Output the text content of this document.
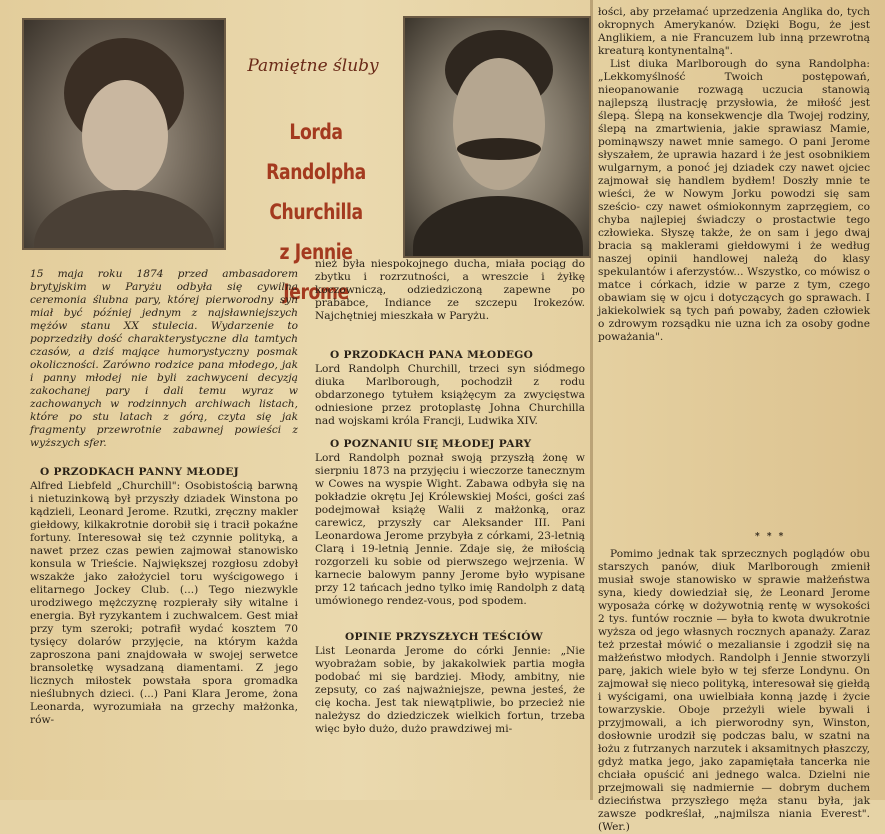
Pamiętne śluby
Lorda Randolpha
Churchilla
z Jennie Jerome

15 maja roku 1874 przed ambasadorem brytyjskim w Paryżu odbyła się cywilna ceremonia ślubna pary, której pierworodny syn miał być później jednym z najsławniejszych mężów stanu XX stulecia. Wydarzenie to poprzedziły dość charakterystyczne dla tamtych czasów, a dziś mające humorystyczny posmak okoliczności. Zarówno rodzice pana młodego, jak i panny młodej nie byli zachwyceni decyzją zakochanej pary i dali temu wyraz w zachowanych w rodzinnych archiwach listach, które po stu latach z górą, czyta się jak fragmenty przewrotnie zabawnej powieści z wyższych sfer.

O PRZODKACH PANNY MŁODEJ

Alfred Liebfeld „Churchill": Osobistością barwną i nietuzinkową był przyszły dziadek Winstona po kądzieli, Leonard Jerome. Rzutki, zręczny makler giełdowy, kilkakrotnie dorobił się i tracił pokaźne fortuny. Interesował się też czynnie polityką, a nawet przez czas pewien zajmował stanowisko konsula w Trieście. Największej rozgłosu zdobył wszakże jako założyciel toru wyścigowego i elitarnego Jockey Club. (...) Tego niezwykle urodziwego mężczyznę rozpierały siły witalne i energia. Był ryzykantem i zuchwalcem. Gest miał przy tym szeroki; potrafił wydać kosztem 70 tysięcy dolarów przyjęcie, na którym każda zaproszona pani znajdowała w swojej serwetce bransoletkę wysadzaną diamentami. Z jego licznych miłostek powstała spora gromadka nieślubnych dzieci. (...) Pani Klara Jerome, żona Leonarda, wyrozumiała na grzechy małżonka, rów-

nież była niespokojnego ducha, miała pociąg do zbytku i rozrzutności, a wreszcie i żyłkę koczowniczą, odziedziczoną zapewne po prababce, Indiance ze szczepu Irokezów. Najchętniej mieszkała w Paryżu.

O PRZODKACH PANA MŁODEGO

Lord Randolph Churchill, trzeci syn siódmego diuka Marlborough, pochodził z rodu obdarzonego tytułem książęcym za zwycięstwa odniesione przez protoplastę Johna Churchilla nad wojskami króla Francji, Ludwika XIV.

O POZNANIU SIĘ MŁODEJ PARY

Lord Randolph poznał swoją przyszłą żonę w sierpniu 1873 na przyjęciu i wieczorze tanecznym w Cowes na wyspie Wight. Zabawa odbyła się na pokładzie okrętu Jej Królewskiej Mości, gości zaś podejmował książę Walii z małżonką, oraz carewicz, przyszły car Aleksander III. Pani Leonardowa Jerome przybyła z córkami, 23-letnią Clarą i 19-letnią Jennie. Zdaje się, że miłością rozgorzeli ku sobie od pierwszego wejrzenia. W karnecie balowym panny Jerome było wypisane przy 12 tańcach jedno tylko imię Randolph z datą umówionego rendez-vous, pod spodem.

OPINIE PRZYSZŁYCH TEŚCIÓW

List Leonarda Jerome do córki Jennie: „Nie wyobrażam sobie, by jakakolwiek partia mogła podobać mi się bardziej. Młody, ambitny, nie zepsuty, co zaś najważniejsze, pewna jesteś, że cię kocha. Jest tak niewątpliwie, bo przecież nie należysz do dziedziczek wielkich fortun, trzeba więc było dużo, dużo prawdziwej mi-

łości, aby przełamać uprzedzenia Anglika do, tych okropnych Amerykanów. Dzięki Bogu, że jest Anglikiem, a nie Francuzem lub inną przewrotną kreaturą kontynentalną".
List diuka Marlborough do syna Randolpha: „Lekkomyślność Twoich postępowań, nieopanowanie rozwagą uczucia stanowią najlepszą ilustrację przysłowia, że miłość jest ślepą. Ślepą na konsekwencje dla Twojej rodziny, ślepą na zmartwienia, jakie sprawiasz Mamie, pominąwszy nawet mnie samego. O pani Jerome słyszałem, że uprawia hazard i że jest osobnikiem wulgarnym, a ponoć jej dziadek czy nawet ojciec zajmował się handlem bydłem! Doszły mnie te wieści, że w Nowym Jorku powodzi się sam sześcio- czy nawet ośmiokonnym zaprzęgiem, co chyba najlepiej świadczy o prostactwie tego człowieka. Słyszę także, że on sam i jego dwaj bracia są maklerami giełdowymi i że według naszej opinii handlowej należą do klasy spekulantów i aferzystów... Wszystko, co mówisz o matce i córkach, idzie w parze z tym, czego obawiam się w ojcu i dotyczących go sprawach. I jakiekolwiek są tych pań powaby, żaden człowiek o zdrowym rozsądku nie uzna ich za osoby godne poważania".
* * *

Pomimo jednak tak sprzecznych poglądów obu starszych panów, diuk Marlborough zmienił musiał swoje stanowisko w sprawie małżeństwa syna, kiedy dowiedział się, że Leonard Jerome wyposaża córkę w dożywotnią rentę w wysokości 2 tys. funtów rocznie — była to kwota dwukrotnie wyższa od jego własnych rocznych apanaży. Zaraz też przestał mówić o mezaliansie i zgodził się na małżeństwo młodych. Randolph i Jennie stworzyli parę, jakich wiele było w tej sferze Londynu. On zajmował się nieco polityką, interesował się giełdą i wyścigami, ona uwielbiała konną jazdę i życie towarzyskie. Oboje przeżyli wiele bywali i przyjmowali, a ich pierworodny syn, Winston, dosłownie urodził się podczas balu, w szatni na łożu z futrzanych narzutek i aksamitnych płaszczy, gdyż matka jego, jako zapamiętała tancerka nie chciała opuścić ani jednego walca. Dzielni nie przejmowali się nadmiernie — dobrym duchem dzieciństwa przyszłego męża stanu była, jak zawsze podkreślał, „najmilsza niania Everest". (Wer.)
